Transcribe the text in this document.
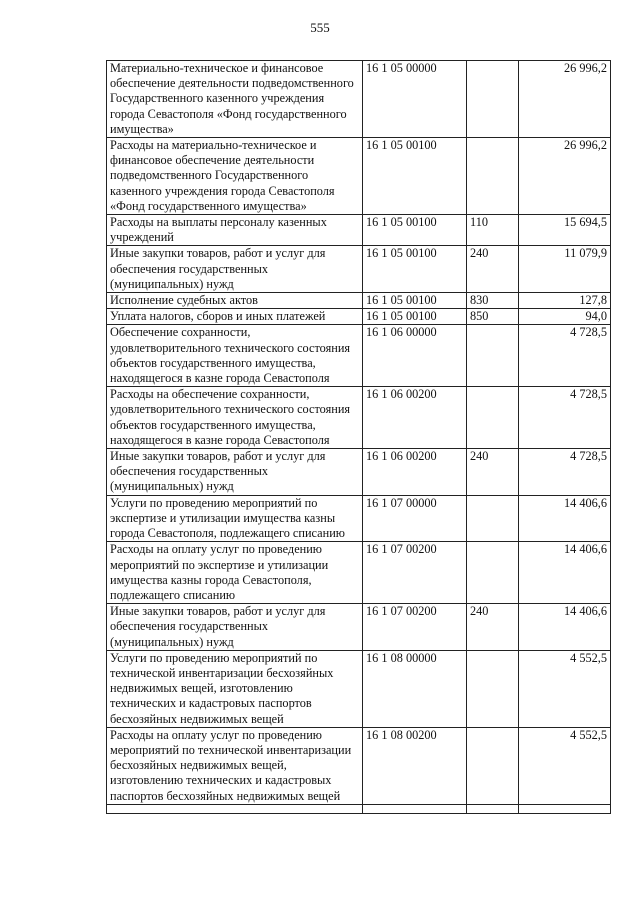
555
Материально-техническое и финансовое обеспечение деятельности подведомственного Государственного казенного учреждения города Севастополя «Фонд государственного имущества»	16 1 05 00000		26 996,2
Расходы на материально-техническое и финансовое обеспечение деятельности подведомственного Государственного казенного учреждения города Севастополя «Фонд государственного имущества»	16 1 05 00100		26 996,2
Расходы на выплаты персоналу казенных учреждений	16 1 05 00100	110	15 694,5
Иные закупки товаров, работ и услуг для обеспечения государственных (муниципальных) нужд	16 1 05 00100	240	11 079,9
Исполнение судебных актов	16 1 05 00100	830	127,8
Уплата налогов, сборов и иных платежей	16 1 05 00100	850	94,0
Обеспечение сохранности, удовлетворительного технического состояния объектов государственного имущества, находящегося в казне города Севастополя	16 1 06 00000		4 728,5
Расходы на обеспечение сохранности, удовлетворительного технического состояния объектов государственного имущества, находящегося в казне города Севастополя	16 1 06 00200		4 728,5
Иные закупки товаров, работ и услуг для обеспечения государственных (муниципальных) нужд	16 1 06 00200	240	4 728,5
Услуги по проведению мероприятий по экспертизе и утилизации имущества казны города Севастополя, подлежащего списанию	16 1 07 00000		14 406,6
Расходы на оплату услуг по проведению мероприятий по экспертизе и утилизации имущества казны города Севастополя, подлежащего списанию	16 1 07 00200		14 406,6
Иные закупки товаров, работ и услуг для обеспечения государственных (муниципальных) нужд	16 1 07 00200	240	14 406,6
Услуги по проведению мероприятий по технической инвентаризации бесхозяйных недвижимых вещей, изготовлению технических и кадастровых паспортов бесхозяйных недвижимых вещей	16 1 08 00000		4 552,5
Расходы на оплату услуг по проведению мероприятий по технической инвентаризации бесхозяйных недвижимых вещей, изготовлению технических и кадастровых паспортов бесхозяйных недвижимых вещей	16 1 08 00200		4 552,5
